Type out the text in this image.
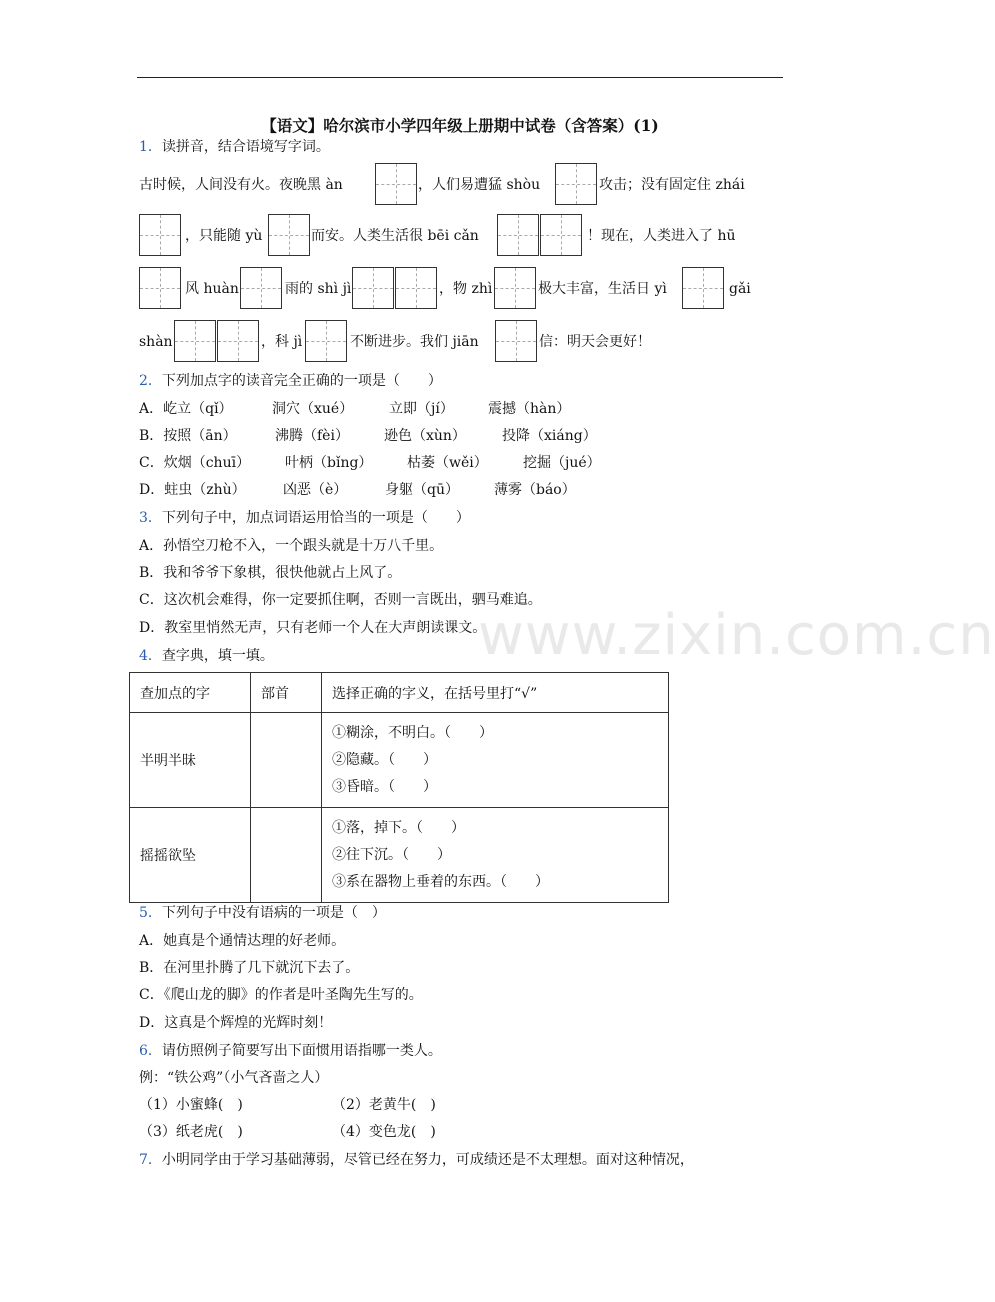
【语文】哈尔滨市小学四年级上册期中试卷（含答案）(1)
www.zixin.com.cn
1．读拼音，结合语境写字词。
古时候，人间没有火。夜晚黑 àn	，人们易遭猛 shòu	攻击；没有固定住 zhái
，只能随 yù	而安。人类生活很 bēi cǎn	！现在，人类进入了 hū
风 huàn	雨的 shì jì	，物 zhì	极大丰富，生活日 yì	gǎi
shàn	，科 jì	不断进步。我们 jiān	信：明天会更好！
2．下列加点字的读音完全正确的一项是（　　）
A．屹立（qǐ）	洞穴（xué）	立即（jí） 震撼（hàn）
B．按照（ān）	沸腾（fèi）	逊色（xùn）	投降（xiáng）
C．炊烟（chuī） 叶柄（bǐng） 枯萎（wěi）	挖掘（jué）
D．蛀虫（zhù）	凶恶（è）	身躯（qū）	薄雾（báo）
3．下列句子中，加点词语运用恰当的一项是（　　）
A．孙悟空刀枪不入，一个跟头就是十万八千里。
B．我和爷爷下象棋，很快他就占上风了。
C．这次机会难得，你一定要抓住啊，否则一言既出，驷马难追。
D．教室里悄然无声，只有老师一个人在大声朗读课文。
4．查字典，填一填。
查加点的字	部首	选择正确的字义，在括号里打“√”
半明半昧		①糊涂，不明白。（　　）
②隐藏。（　　）
③昏暗。（　　）

摇摇欲坠		①落，掉下。（　　）
②往下沉。（　　）
③系在器物上垂着的东西。（　　）
5．下列句子中没有语病的一项是（　）
A．她真是个通情达理的好老师。
B．在河里扑腾了几下就沉下去了。
C．《爬山龙的脚》的作者是叶圣陶先生写的。
D．这真是个辉煌的光辉时刻！
6．请仿照例子简要写出下面惯用语指哪一类人。
例：“铁公鸡”（小气吝啬之人）
（1）小蜜蜂(　)	（2）老黄牛(　)
（3）纸老虎(　)	（4）变色龙(　)
7．小明同学由于学习基础薄弱，尽管已经在努力，可成绩还是不太理想。面对这种情况，
